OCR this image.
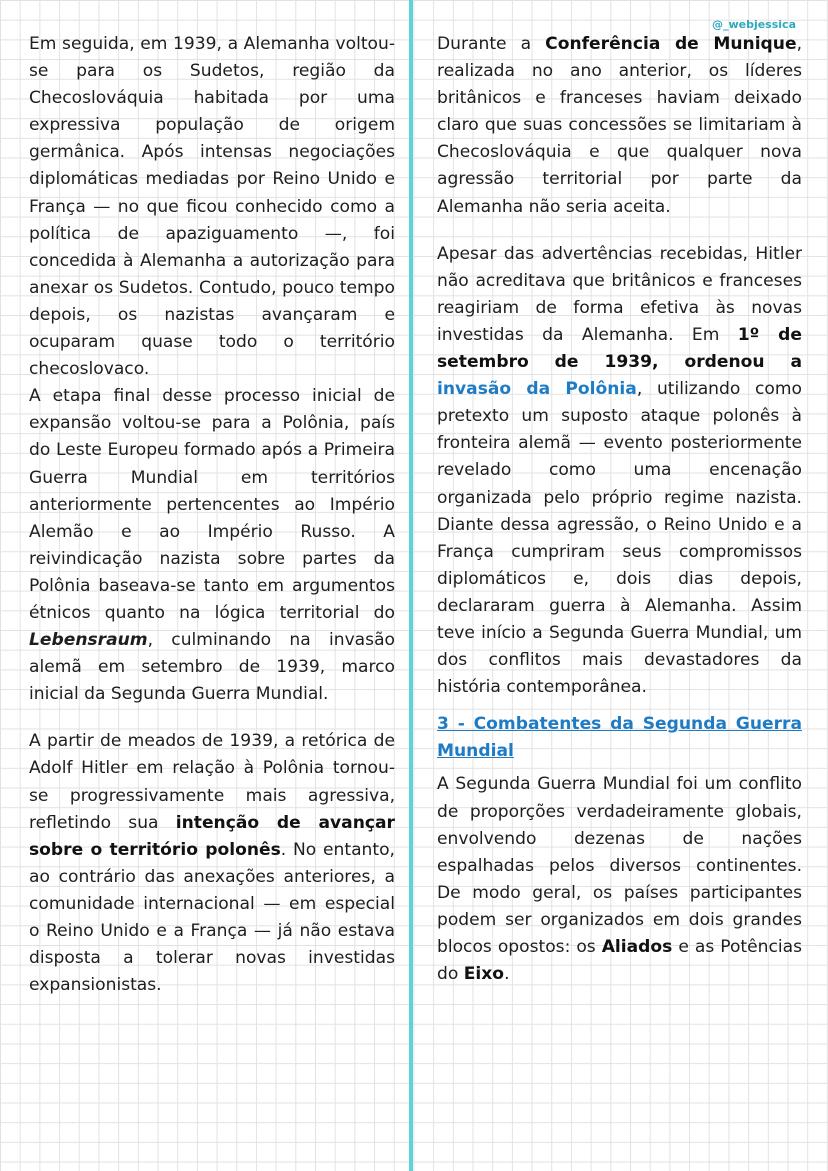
@_webjessica

Em seguida, em 1939, a Alemanha voltou-se para os Sudetos, região da Checoslováquia habitada por uma expressiva população de origem germânica. Após intensas negociações diplomáticas mediadas por Reino Unido e França — no que ficou conhecido como a política de apaziguamento —, foi concedida à Alemanha a autorização para anexar os Sudetos. Contudo, pouco tempo depois, os nazistas avançaram e ocuparam quase todo o território checoslovaco.

A etapa final desse processo inicial de expansão voltou-se para a Polônia, país do Leste Europeu formado após a Primeira Guerra Mundial em territórios anteriormente pertencentes ao Império Alemão e ao Império Russo. A reivindicação nazista sobre partes da Polônia baseava-se tanto em argumentos étnicos quanto na lógica territorial do Lebensraum, culminando na invasão alemã em setembro de 1939, marco inicial da Segunda Guerra Mundial.

A partir de meados de 1939, a retórica de Adolf Hitler em relação à Polônia tornou-se progressivamente mais agressiva, refletindo sua intenção de avançar sobre o território polonês. No entanto, ao contrário das anexações anteriores, a comunidade internacional — em especial o Reino Unido e a França — já não estava disposta a tolerar novas investidas expansionistas.

Durante a Conferência de Munique, realizada no ano anterior, os líderes britânicos e franceses haviam deixado claro que suas concessões se limitariam à Checoslováquia e que qualquer nova agressão territorial por parte da Alemanha não seria aceita.

Apesar das advertências recebidas, Hitler não acreditava que britânicos e franceses reagiriam de forma efetiva às novas investidas da Alemanha. Em 1º de setembro de 1939, ordenou a invasão da Polônia, utilizando como pretexto um suposto ataque polonês à fronteira alemã — evento posteriormente revelado como uma encenação organizada pelo próprio regime nazista. Diante dessa agressão, o Reino Unido e a França cumpriram seus compromissos diplomáticos e, dois dias depois, declararam guerra à Alemanha. Assim teve início a Segunda Guerra Mundial, um dos conflitos mais devastadores da história contemporânea.

3 - Combatentes da Segunda Guerra Mundial

A Segunda Guerra Mundial foi um conflito de proporções verdadeiramente globais, envolvendo dezenas de nações espalhadas pelos diversos continentes. De modo geral, os países participantes podem ser organizados em dois grandes blocos opostos: os Aliados e as Potências do Eixo.
